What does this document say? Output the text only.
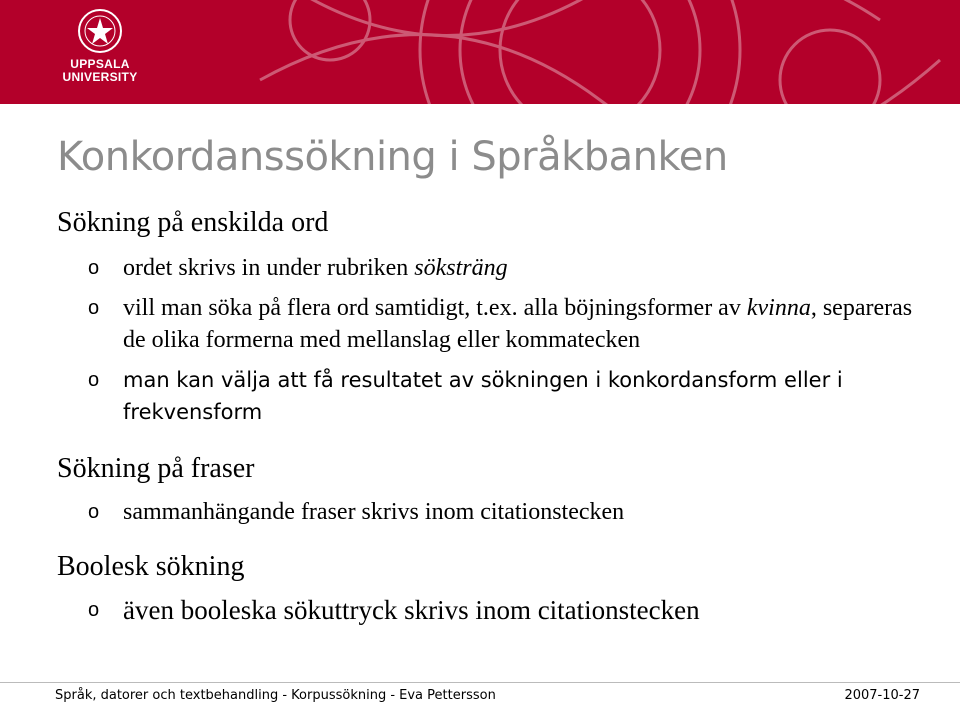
UPPSALA
UNIVERSITY
Konkordanssökning i Språkbanken

Sökning på enskilda ord

o ordet skrivs in under rubriken söksträng
o vill man söka på flera ord samtidigt, t.ex. alla böjningsformer av kvinna, separeras de olika formerna med mellanslag eller kommatecken
o man kan välja att få resultatet av sökningen i konkordansform eller i frekvensform

Sökning på fraser

o sammanhängande fraser skrivs inom citationstecken

Boolesk sökning

o även booleska sökuttryck skrivs inom citationstecken
Språk, datorer och textbehandling - Korpussökning - Eva Pettersson	2007-10-27
